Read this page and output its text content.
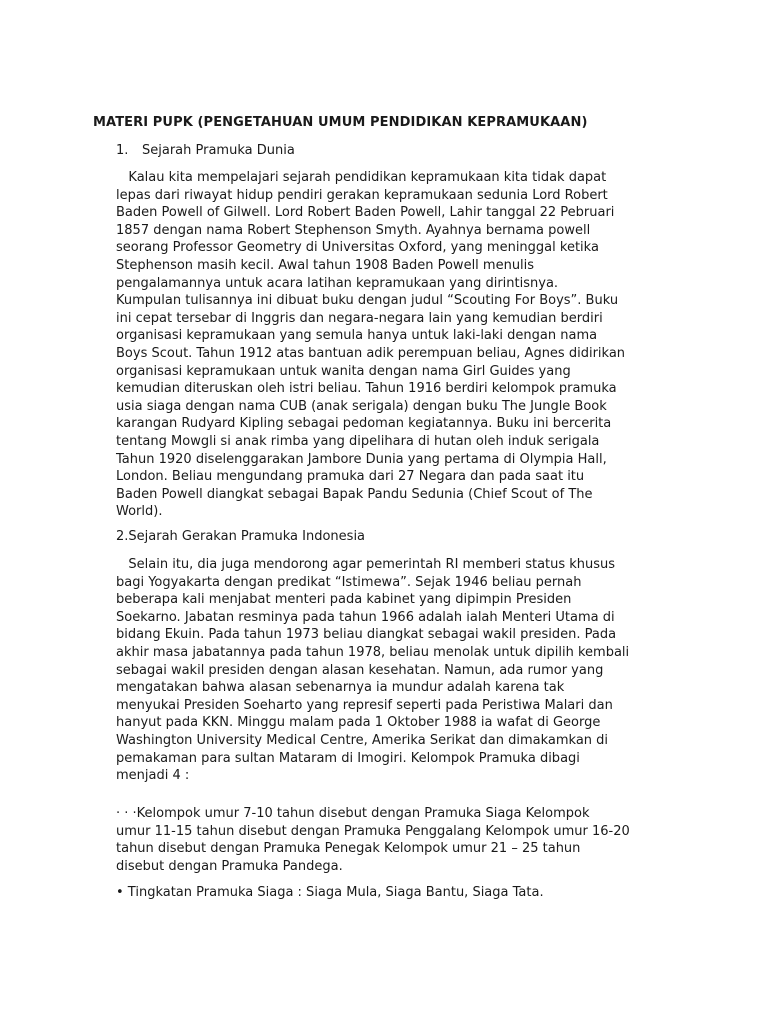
MATERI PUPK (PENGETAHUAN UMUM PENDIDIKAN KEPRAMUKAAN)
1. Sejarah Pramuka Dunia
Kalau kita mempelajari sejarah pendidikan kepramukaan kita tidak dapat
lepas dari riwayat hidup pendiri gerakan kepramukaan sedunia Lord Robert
Baden Powell of Gilwell. Lord Robert Baden Powell, Lahir tanggal 22 Pebruari
1857 dengan nama Robert Stephenson Smyth. Ayahnya bernama powell
seorang Professor Geometry di Universitas Oxford, yang meninggal ketika
Stephenson masih kecil. Awal tahun 1908 Baden Powell menulis
pengalamannya untuk acara latihan kepramukaan yang dirintisnya.
Kumpulan tulisannya ini dibuat buku dengan judul “Scouting For Boys”. Buku
ini cepat tersebar di Inggris dan negara-negara lain yang kemudian berdiri
organisasi kepramukaan yang semula hanya untuk laki-laki dengan nama
Boys Scout. Tahun 1912 atas bantuan adik perempuan beliau, Agnes didirikan
organisasi kepramukaan untuk wanita dengan nama Girl Guides yang
kemudian diteruskan oleh istri beliau. Tahun 1916 berdiri kelompok pramuka
usia siaga dengan nama CUB (anak serigala) dengan buku The Jungle Book
karangan Rudyard Kipling sebagai pedoman kegiatannya. Buku ini bercerita
tentang Mowgli si anak rimba yang dipelihara di hutan oleh induk serigala
Tahun 1920 diselenggarakan Jambore Dunia yang pertama di Olympia Hall,
London. Beliau mengundang pramuka dari 27 Negara dan pada saat itu
Baden Powell diangkat sebagai Bapak Pandu Sedunia (Chief Scout of The
World).
2.Sejarah Gerakan Pramuka Indonesia
Selain itu, dia juga mendorong agar pemerintah RI memberi status khusus
bagi Yogyakarta dengan predikat “Istimewa”. Sejak 1946 beliau pernah
beberapa kali menjabat menteri pada kabinet yang dipimpin Presiden
Soekarno. Jabatan resminya pada tahun 1966 adalah ialah Menteri Utama di
bidang Ekuin. Pada tahun 1973 beliau diangkat sebagai wakil presiden. Pada
akhir masa jabatannya pada tahun 1978, beliau menolak untuk dipilih kembali
sebagai wakil presiden dengan alasan kesehatan. Namun, ada rumor yang
mengatakan bahwa alasan sebenarnya ia mundur adalah karena tak
menyukai Presiden Soeharto yang represif seperti pada Peristiwa Malari dan
hanyut pada KKN. Minggu malam pada 1 Oktober 1988 ia wafat di George
Washington University Medical Centre, Amerika Serikat dan dimakamkan di
pemakaman para sultan Mataram di Imogiri. Kelompok Pramuka dibagi
menjadi 4 :
· · ·Kelompok umur 7-10 tahun disebut dengan Pramuka Siaga Kelompok
umur 11-15 tahun disebut dengan Pramuka Penggalang Kelompok umur 16-20
tahun disebut dengan Pramuka Penegak Kelompok umur 21 – 25 tahun
disebut dengan Pramuka Pandega.
• Tingkatan Pramuka Siaga : Siaga Mula, Siaga Bantu, Siaga Tata.
